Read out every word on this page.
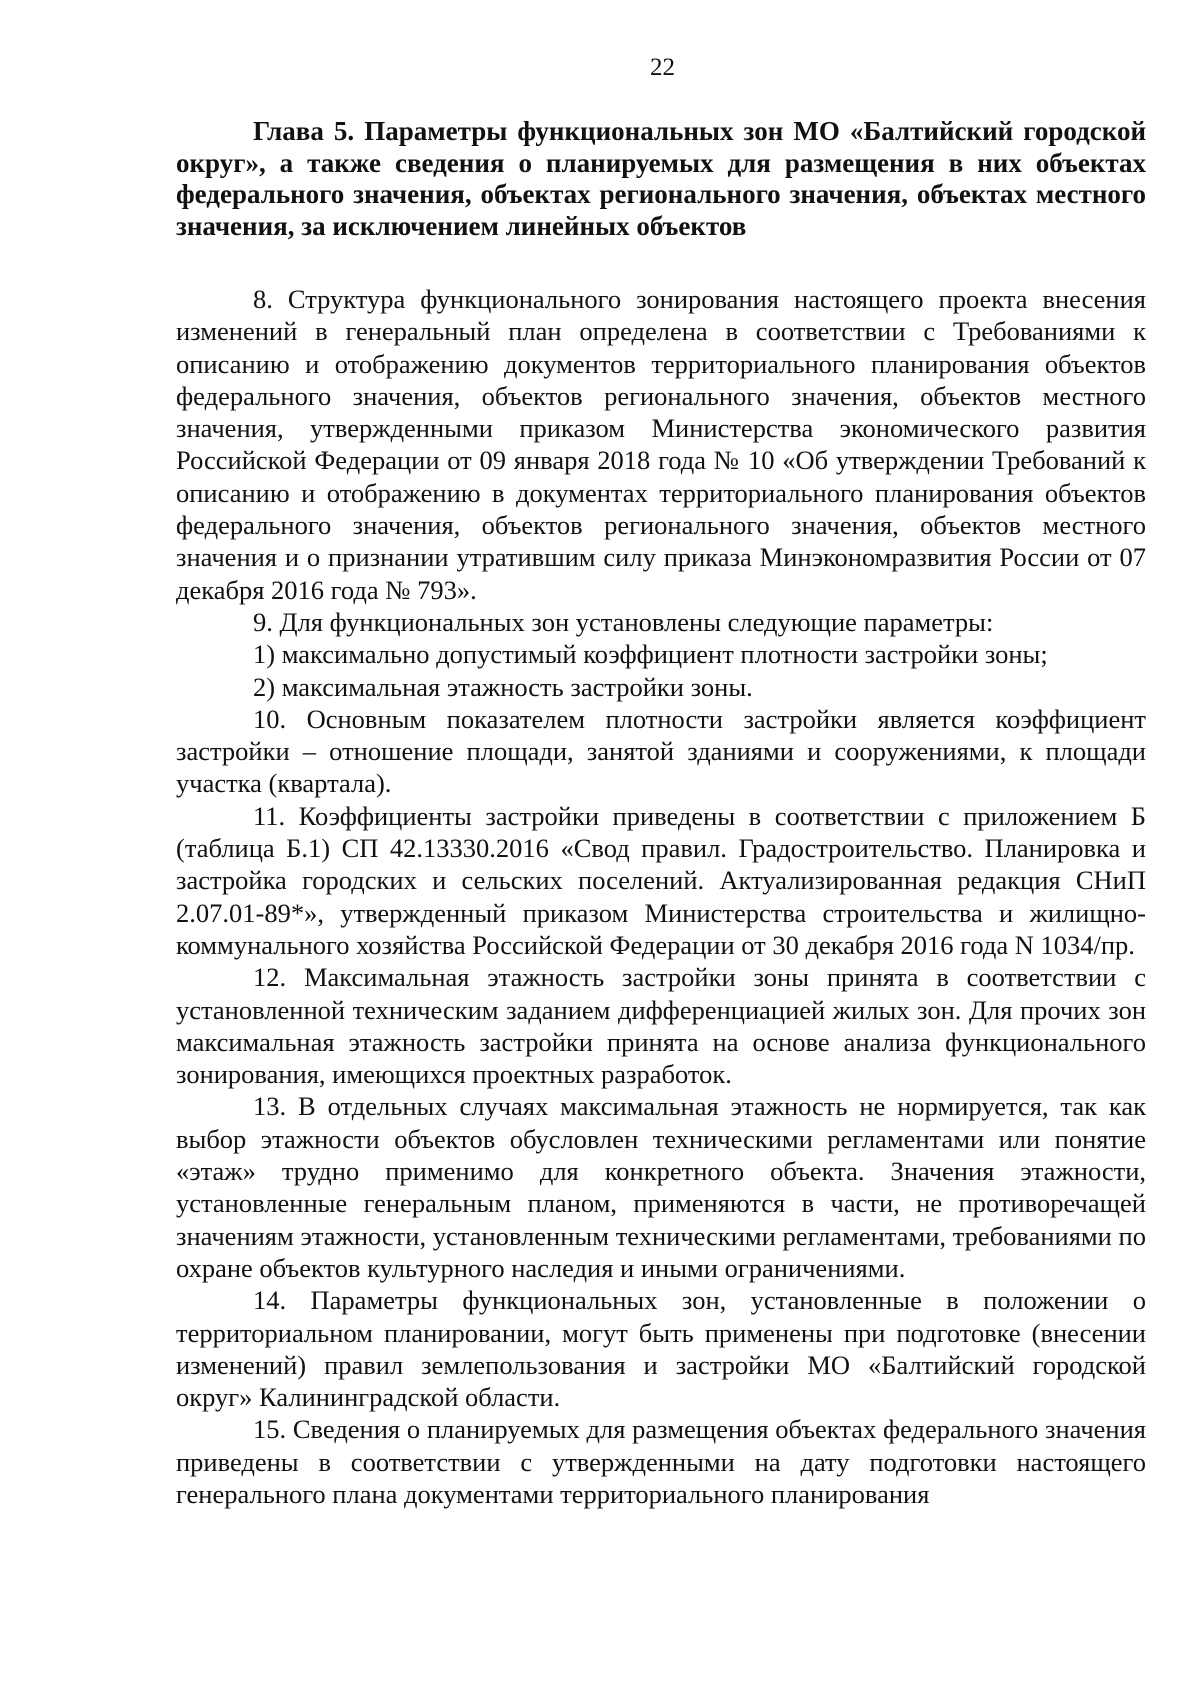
22
Глава 5. Параметры функциональных зон МО «Балтийский городской округ», а также сведения о планируемых для размещения в них объектах федерального значения, объектах регионального значения, объектах местного значения, за исключением линейных объектов

8. Структура функционального зонирования настоящего проекта внесения изменений в генеральный план определена в соответствии с Требованиями к описанию и отображению документов территориального планирования объектов федерального значения, объектов регионального значения, объектов местного значения, утвержденными приказом Министерства экономического развития Российской Федерации от 09 января 2018 года № 10 «Об утверждении Требований к описанию и отображению в документах территориального планирования объектов федерального значения, объектов регионального значения, объектов местного значения и о признании утратившим силу приказа Минэкономразвития России от 07 декабря 2016 года № 793».

9. Для функциональных зон установлены следующие параметры:

1) максимально допустимый коэффициент плотности застройки зоны;

2) максимальная этажность застройки зоны.

10. Основным показателем плотности застройки является коэффициент застройки – отношение площади, занятой зданиями и сооружениями, к площади участка (квартала).

11. Коэффициенты застройки приведены в соответствии с приложением Б (таблица Б.1) СП 42.13330.2016 «Свод правил. Градостроительство. Планировка и застройка городских и сельских поселений. Актуализированная редакция СНиП 2.07.01-89*», утвержденный приказом Министерства строительства и жилищно-коммунального хозяйства Российской Федерации от 30 декабря 2016 года N 1034/пр.

12. Максимальная этажность застройки зоны принята в соответствии с установленной техническим заданием дифференциацией жилых зон. Для прочих зон максимальная этажность застройки принята на основе анализа функционального зонирования, имеющихся проектных разработок.

13. В отдельных случаях максимальная этажность не нормируется, так как выбор этажности объектов обусловлен техническими регламентами или понятие «этаж» трудно применимо для конкретного объекта. Значения этажности, установленные генеральным планом, применяются в части, не противоречащей значениям этажности, установленным техническими регламентами, требованиями по охране объектов культурного наследия и иными ограничениями.

14. Параметры функциональных зон, установленные в положении о территориальном планировании, могут быть применены при подготовке (внесении изменений) правил землепользования и застройки МО «Балтийский городской округ» Калининградской области.

15. Сведения о планируемых для размещения объектах федерального значения приведены в соответствии с утвержденными на дату подготовки настоящего генерального плана документами территориального планирования
